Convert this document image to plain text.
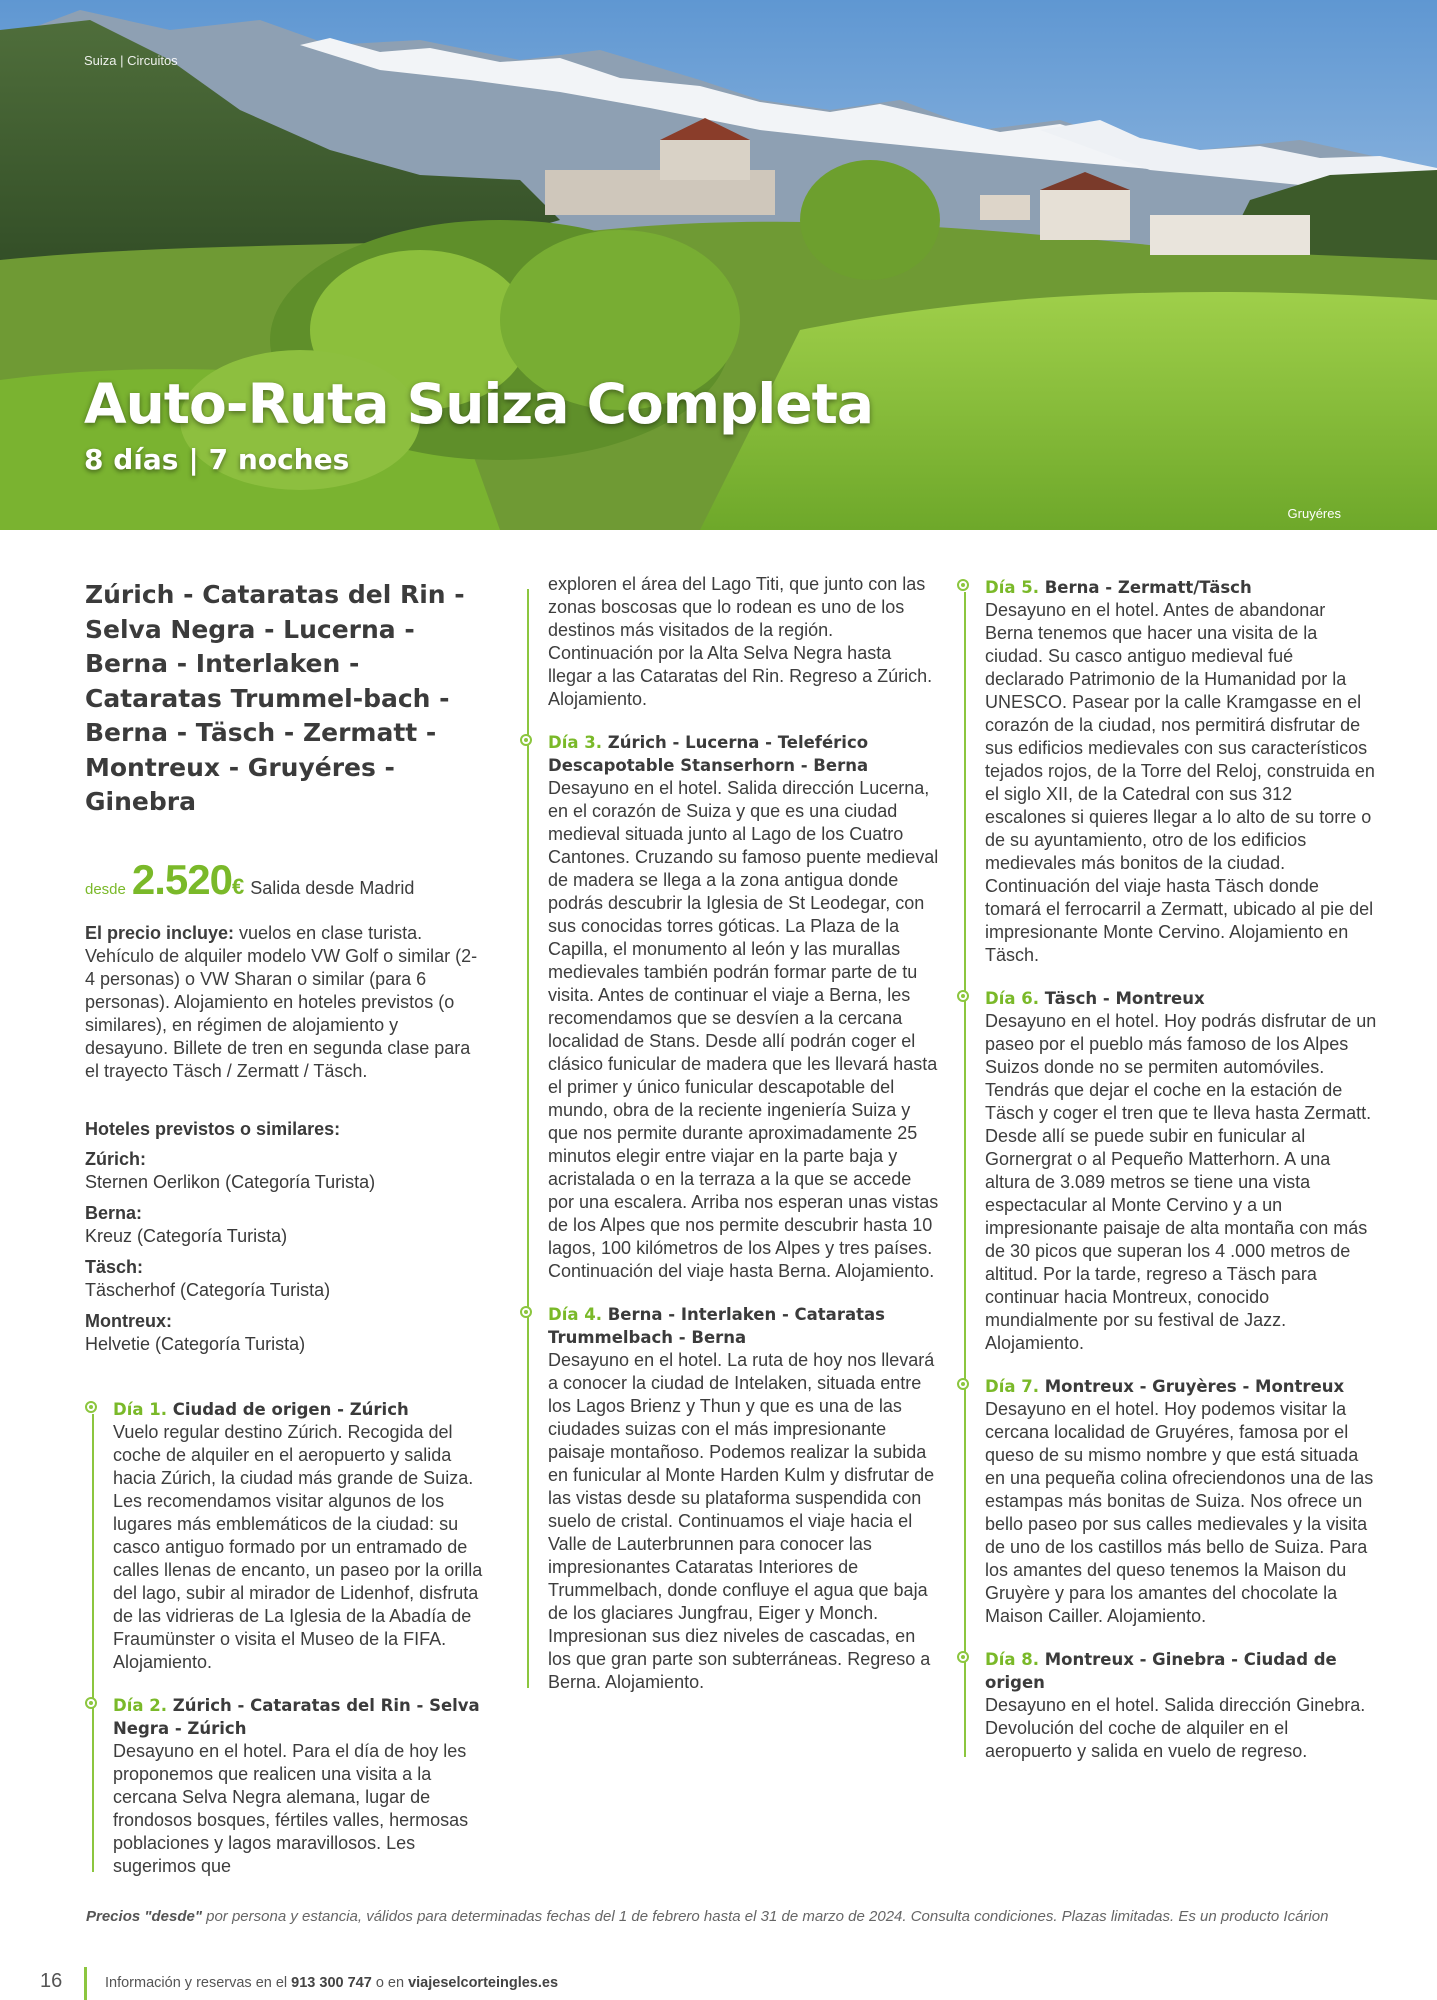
Suiza | Circuitos
Auto-Ruta Suiza Completa
8 días | 7 noches
Gruyéres
Zúrich - Cataratas del Rin - Selva Negra - Lucerna - Berna - Interlaken - Cataratas Trummel-bach - Berna - Täsch - Zermatt - Montreux - Gruyéres - Ginebra
desde 2.520 € Salida desde Madrid
El precio incluye: vuelos en clase turista. Vehículo de alquiler modelo VW Golf o similar (2-4 personas) o VW Sharan o similar (para 6 personas). Alojamiento en hoteles previstos (o similares), en régimen de alojamiento y desayuno. Billete de tren en segunda clase para el trayecto Täsch / Zermatt / Täsch.
Hoteles previstos o similares:
Zúrich:
Sternen Oerlikon (Categoría Turista)
Berna:
Kreuz (Categoría Turista)
Täsch:
Täscherhof (Categoría Turista)
Montreux:
Helvetie (Categoría Turista)
Día 1. Ciudad de origen - Zúrich
Vuelo regular destino Zúrich. Recogida del coche de alquiler en el aeropuerto y salida hacia Zúrich, la ciudad más grande de Suiza. Les recomendamos visitar algunos de los lugares más emblemáticos de la ciudad: su casco antiguo formado por un entramado de calles llenas de encanto, un paseo por la orilla del lago, subir al mirador de Lidenhof, disfruta de las vidrieras de La Iglesia de la Abadía de Fraumünster o visita el Museo de la FIFA. Alojamiento.
Día 2. Zúrich - Cataratas del Rin - Selva Negra - Zúrich
Desayuno en el hotel. Para el día de hoy les proponemos que realicen una visita a la cercana Selva Negra alemana, lugar de frondosos bosques, fértiles valles, hermosas poblaciones y lagos maravillosos. Les sugerimos que
exploren el área del Lago Titi, que junto con las zonas boscosas que lo rodean es uno de los destinos más visitados de la región. Continuación por la Alta Selva Negra hasta llegar a las Cataratas del Rin. Regreso a Zúrich. Alojamiento.
Día 3. Zúrich - Lucerna - Teleférico Descapotable Stanserhorn - Berna
Desayuno en el hotel. Salida dirección Lucerna, en el corazón de Suiza y que es una ciudad medieval situada junto al Lago de los Cuatro Cantones. Cruzando su famoso puente medieval de madera se llega a la zona antigua donde podrás descubrir la Iglesia de St Leodegar, con sus conocidas torres góticas. La Plaza de la Capilla, el monumento al león y las murallas medievales también podrán formar parte de tu visita. Antes de continuar el viaje a Berna, les recomendamos que se desvíen a la cercana localidad de Stans. Desde allí podrán coger el clásico funicular de madera que les llevará hasta el primer y único funicular descapotable del mundo, obra de la reciente ingeniería Suiza y que nos permite durante aproximadamente 25 minutos elegir entre viajar en la parte baja y acristalada o en la terraza a la que se accede por una escalera. Arriba nos esperan unas vistas de los Alpes que nos permite descubrir hasta 10 lagos, 100 kilómetros de los Alpes y tres países. Continuación del viaje hasta Berna. Alojamiento.
Día 4. Berna - Interlaken - Cataratas Trummelbach - Berna
Desayuno en el hotel. La ruta de hoy nos llevará a conocer la ciudad de Intelaken, situada entre los Lagos Brienz y Thun y que es una de las ciudades suizas con el más impresionante paisaje montañoso. Podemos realizar la subida en funicular al Monte Harden Kulm y disfrutar de las vistas desde su plataforma suspendida con suelo de cristal. Continuamos el viaje hacia el Valle de Lauterbrunnen para conocer las impresionantes Cataratas Interiores de Trummelbach, donde confluye el agua que baja de los glaciares Jungfrau, Eiger y Monch. Impresionan sus diez niveles de cascadas, en los que gran parte son subterráneas. Regreso a Berna. Alojamiento.
Día 5. Berna - Zermatt/Täsch
Desayuno en el hotel. Antes de abandonar Berna tenemos que hacer una visita de la ciudad. Su casco antiguo medieval fué declarado Patrimonio de la Humanidad por la UNESCO. Pasear por la calle Kramgasse en el corazón de la ciudad, nos permitirá disfrutar de sus edificios medievales con sus característicos tejados rojos, de la Torre del Reloj, construida en el siglo XII, de la Catedral con sus 312 escalones si quieres llegar a lo alto de su torre o de su ayuntamiento, otro de los edificios medievales más bonitos de la ciudad. Continuación del viaje hasta Täsch donde tomará el ferrocarril a Zermatt, ubicado al pie del impresionante Monte Cervino. Alojamiento en Täsch.
Día 6. Täsch - Montreux
Desayuno en el hotel. Hoy podrás disfrutar de un paseo por el pueblo más famoso de los Alpes Suizos donde no se permiten automóviles. Tendrás que dejar el coche en la estación de Täsch y coger el tren que te lleva hasta Zermatt. Desde allí se puede subir en funicular al Gornergrat o al Pequeño Matterhorn. A una altura de 3.089 metros se tiene una vista espectacular al Monte Cervino y a un impresionante paisaje de alta montaña con más de 30 picos que superan los 4 .000 metros de altitud. Por la tarde, regreso a Täsch para continuar hacia Montreux, conocido mundialmente por su festival de Jazz. Alojamiento.
Día 7. Montreux - Gruyères - Montreux
Desayuno en el hotel. Hoy podemos visitar la cercana localidad de Gruyéres, famosa por el queso de su mismo nombre y que está situada en una pequeña colina ofreciendonos una de las estampas más bonitas de Suiza. Nos ofrece un bello paseo por sus calles medievales y la visita de uno de los castillos más bello de Suiza. Para los amantes del queso tenemos la Maison du Gruyère y para los amantes del chocolate la Maison Cailler. Alojamiento.
Día 8. Montreux - Ginebra - Ciudad de origen
Desayuno en el hotel. Salida dirección Ginebra. Devolución del coche de alquiler en el aeropuerto y salida en vuelo de regreso.
Precios "desde" por persona y estancia, válidos para determinadas fechas del 1 de febrero hasta el 31 de marzo de 2024. Consulta condiciones. Plazas limitadas. Es un producto Icárion
16	Información y reservas en el 913 300 747 o en viajeselcorteingles.es
